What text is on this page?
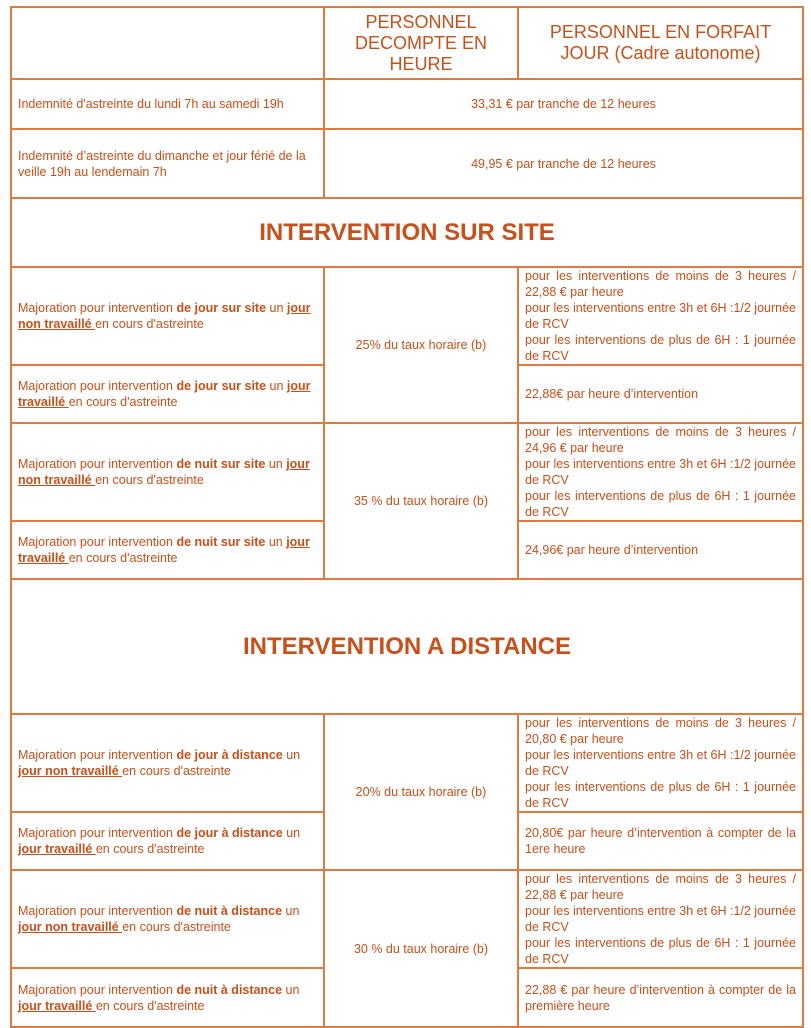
	PERSONNEL DECOMPTE EN HEURE	PERSONNEL EN FORFAIT JOUR (Cadre autonome)
Indemnité d'astreinte du lundi 7h au samedi 19h	33,31 € par tranche de 12 heures	
Indemnité d’astreinte du dimanche et jour férié de la veille 19h au lendemain 7h	49,95 € par tranche de 12 heures	
INTERVENTION SUR SITE		
Majoration pour intervention de jour sur site un jour non travaillé en cours d'astreinte	25% du taux horaire (b)	pour les interventions de moins de 3 heures / 22,88 € par heure
pour les interventions entre 3h et 6H :1/2 journée de RCV
pour les interventions de plus de 6H : 1 journée de RCV

Majoration pour intervention de jour sur site un jour travaillé en cours d'astreinte		22,88€ par heure d’intervention

Majoration pour intervention de nuit sur site un jour non travaillé en cours d'astreinte	35 % du taux horaire (b)	pour les interventions de moins de 3 heures / 24,96 € par heure
pour les interventions entre 3h et 6H :1/2 journée de RCV
pour les interventions de plus de 6H : 1 journée de RCV

Majoration pour intervention de nuit sur site un jour travaillé en cours d'astreinte		24,96€ par heure d’intervention

INTERVENTION A DISTANCE		
Majoration pour intervention de jour à distance un jour non travaillé en cours d'astreinte	20% du taux horaire (b)	pour les interventions de moins de 3 heures / 20,80 € par heure
pour les interventions entre 3h et 6H :1/2 journée de RCV
pour les interventions de plus de 6H : 1 journée de RCV

Majoration pour intervention de jour à distance un jour travaillé en cours d'astreinte		20,80€ par heure d’intervention à compter de la 1ere heure

Majoration pour intervention de nuit à distance un jour non travaillé en cours d'astreinte	30 % du taux horaire (b)	pour les interventions de moins de 3 heures / 22,88 € par heure
pour les interventions entre 3h et 6H :1/2 journée de RCV
pour les interventions de plus de 6H : 1 journée de RCV

Majoration pour intervention de nuit à distance un jour travaillé en cours d'astreinte		22,88 € par heure d’intervention à compter de la première heure
